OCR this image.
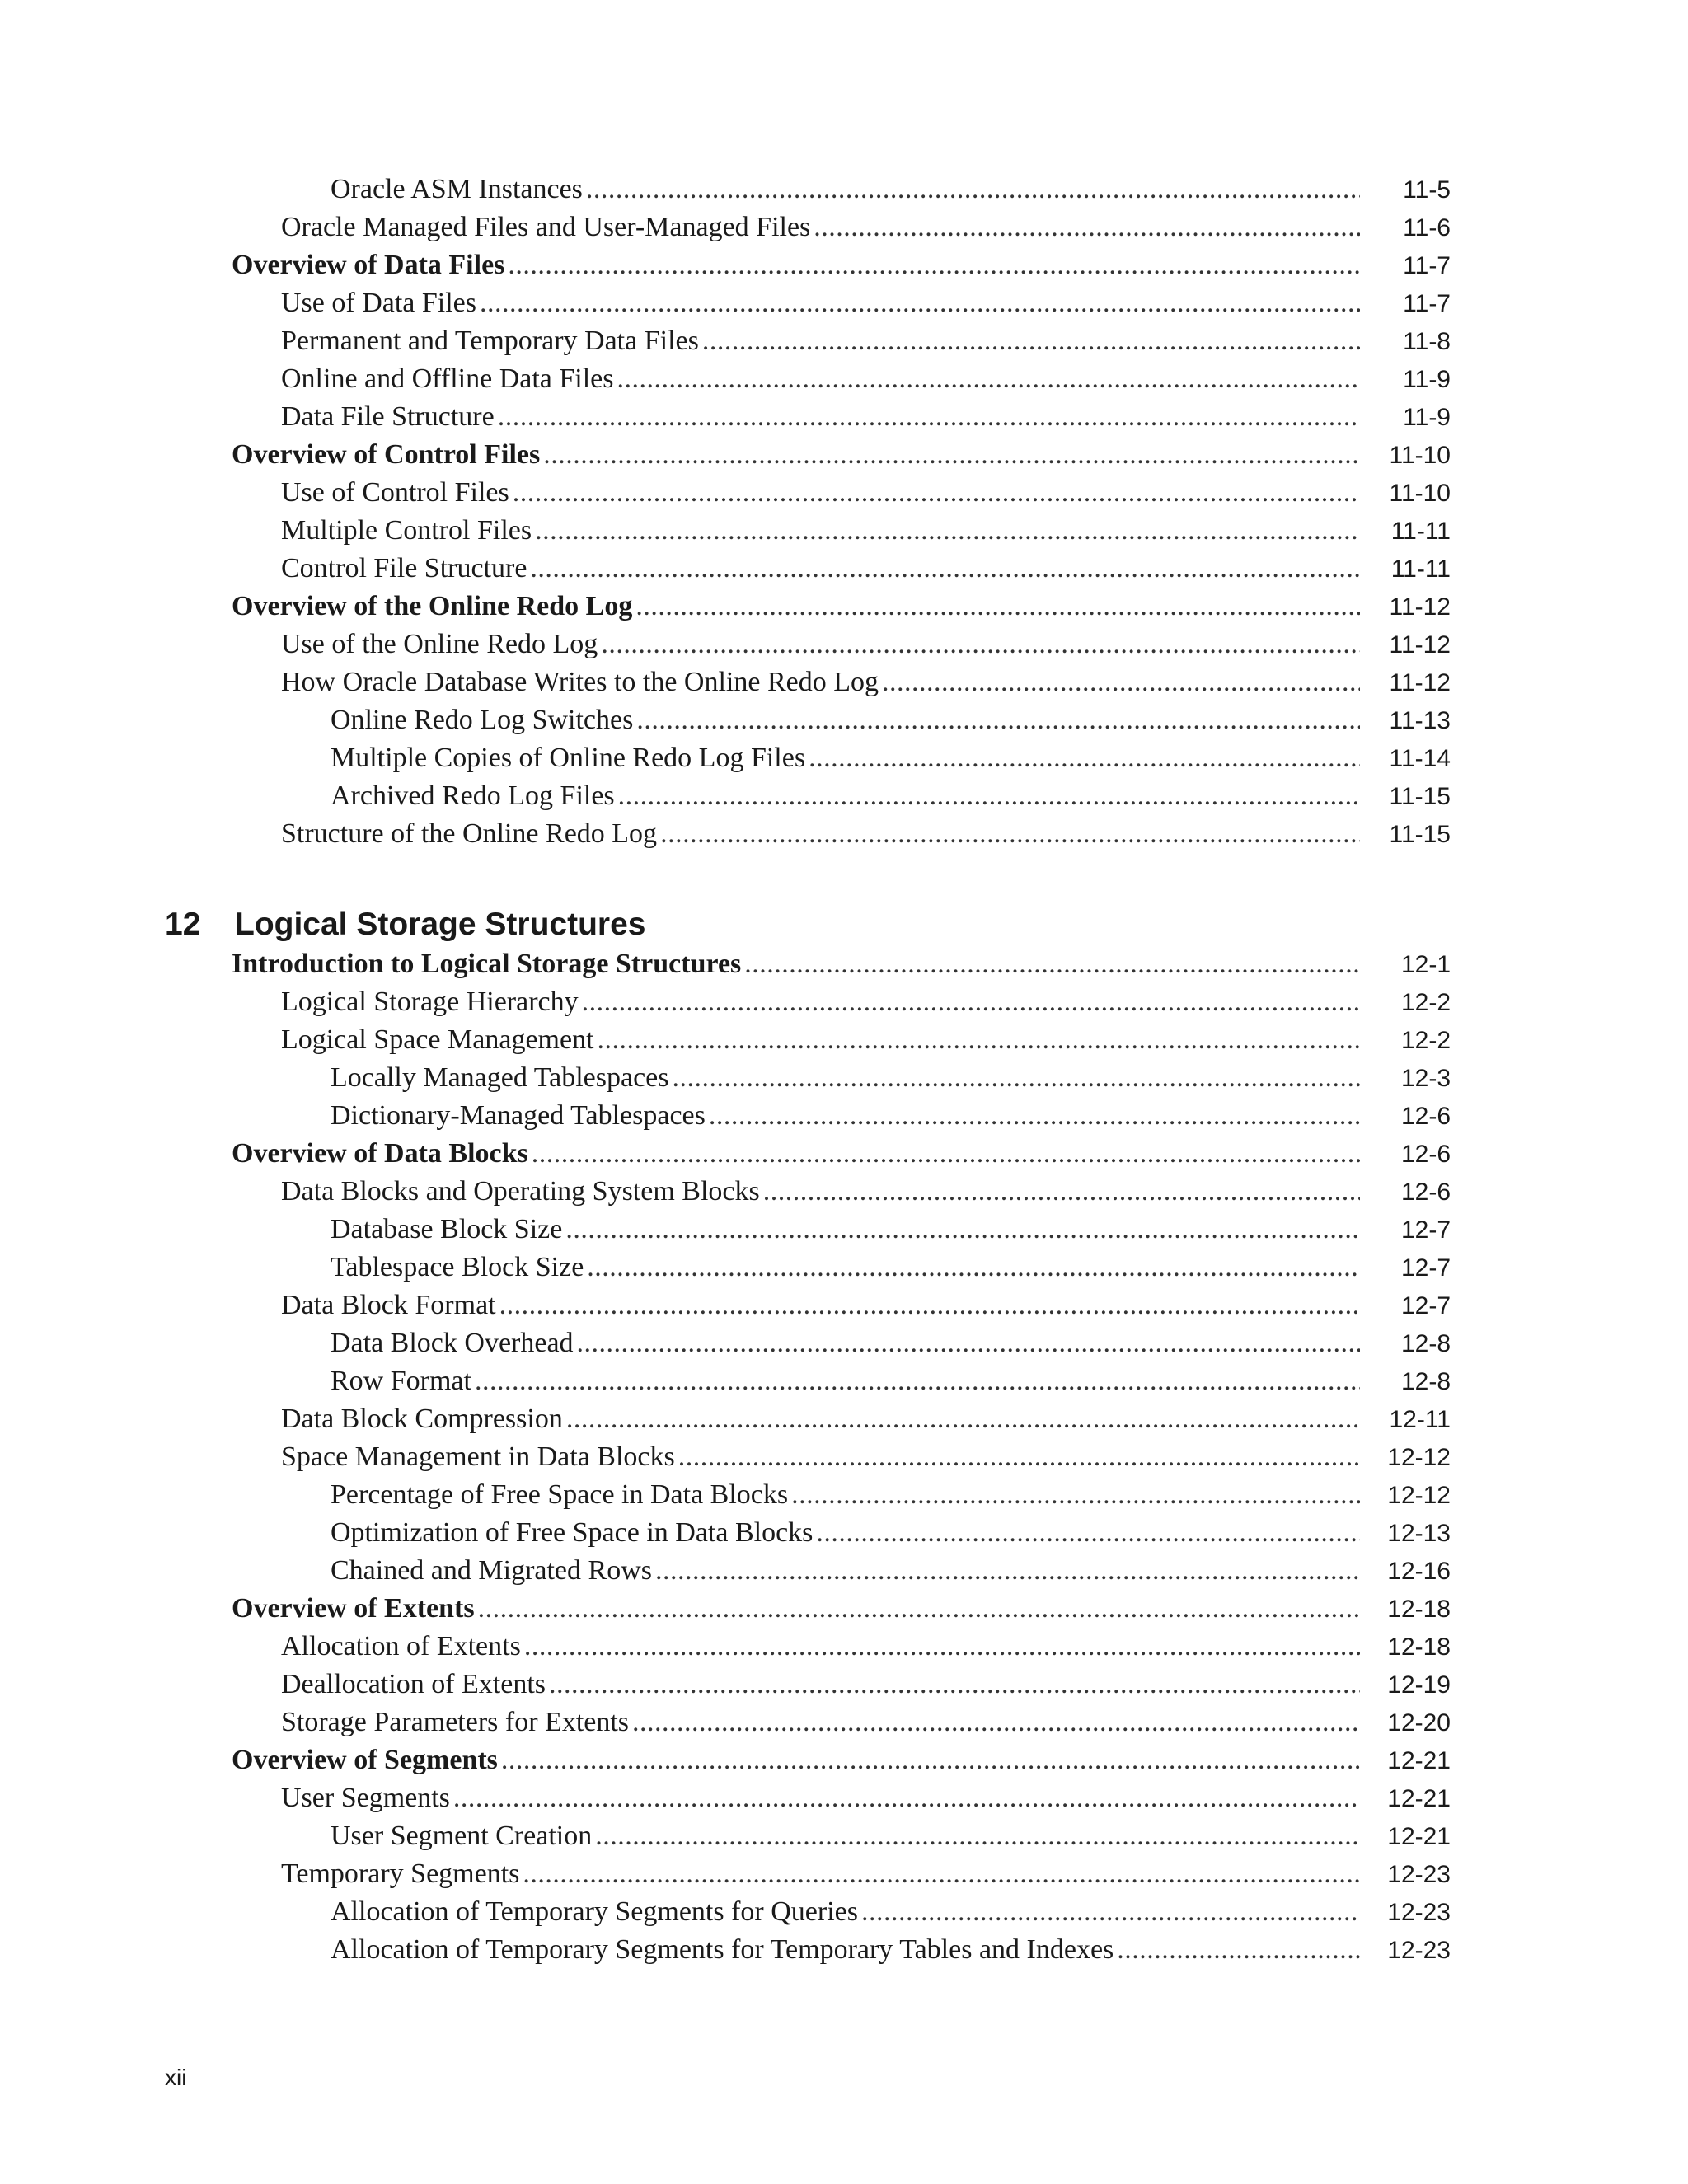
Oracle ASM Instances . . .	11-5
Oracle Managed Files and User-Managed Files . . .	11-6
Overview of Data Files . . .	11-7
Use of Data Files . . .	11-7
Permanent and Temporary Data Files . . .	11-8
Online and Offline Data Files . . .	11-9
Data File Structure . . .	11-9
Overview of Control Files . . .	11-10
Use of Control Files . . .	11-10
Multiple Control Files . . .	11-11
Control File Structure . . .	11-11
Overview of the Online Redo Log . . .	11-12
Use of the Online Redo Log . . .	11-12
How Oracle Database Writes to the Online Redo Log . . .	11-12
Online Redo Log Switches . . .	11-13
Multiple Copies of Online Redo Log Files . . .	11-14
Archived Redo Log Files . . .	11-15
Structure of the Online Redo Log . . .	11-15
12 Logical Storage Structures
Introduction to Logical Storage Structures . . .	12-1
Logical Storage Hierarchy . . .	12-2
Logical Space Management . . .	12-2
Locally Managed Tablespaces . . .	12-3
Dictionary-Managed Tablespaces . . .	12-6
Overview of Data Blocks . . .	12-6
Data Blocks and Operating System Blocks . . .	12-6
Database Block Size . . .	12-7
Tablespace Block Size . . .	12-7
Data Block Format . . .	12-7
Data Block Overhead . . .	12-8
Row Format . . .	12-8
Data Block Compression . . .	12-11
Space Management in Data Blocks . . .	12-12
Percentage of Free Space in Data Blocks . . .	12-12
Optimization of Free Space in Data Blocks . . .	12-13
Chained and Migrated Rows . . .	12-16
Overview of Extents . . .	12-18
Allocation of Extents . . .	12-18
Deallocation of Extents . . .	12-19
Storage Parameters for Extents . . .	12-20
Overview of Segments . . .	12-21
User Segments . . .	12-21
User Segment Creation . . .	12-21
Temporary Segments . . .	12-23
Allocation of Temporary Segments for Queries . . .	12-23
Allocation of Temporary Segments for Temporary Tables and Indexes . . .	12-23
xii
